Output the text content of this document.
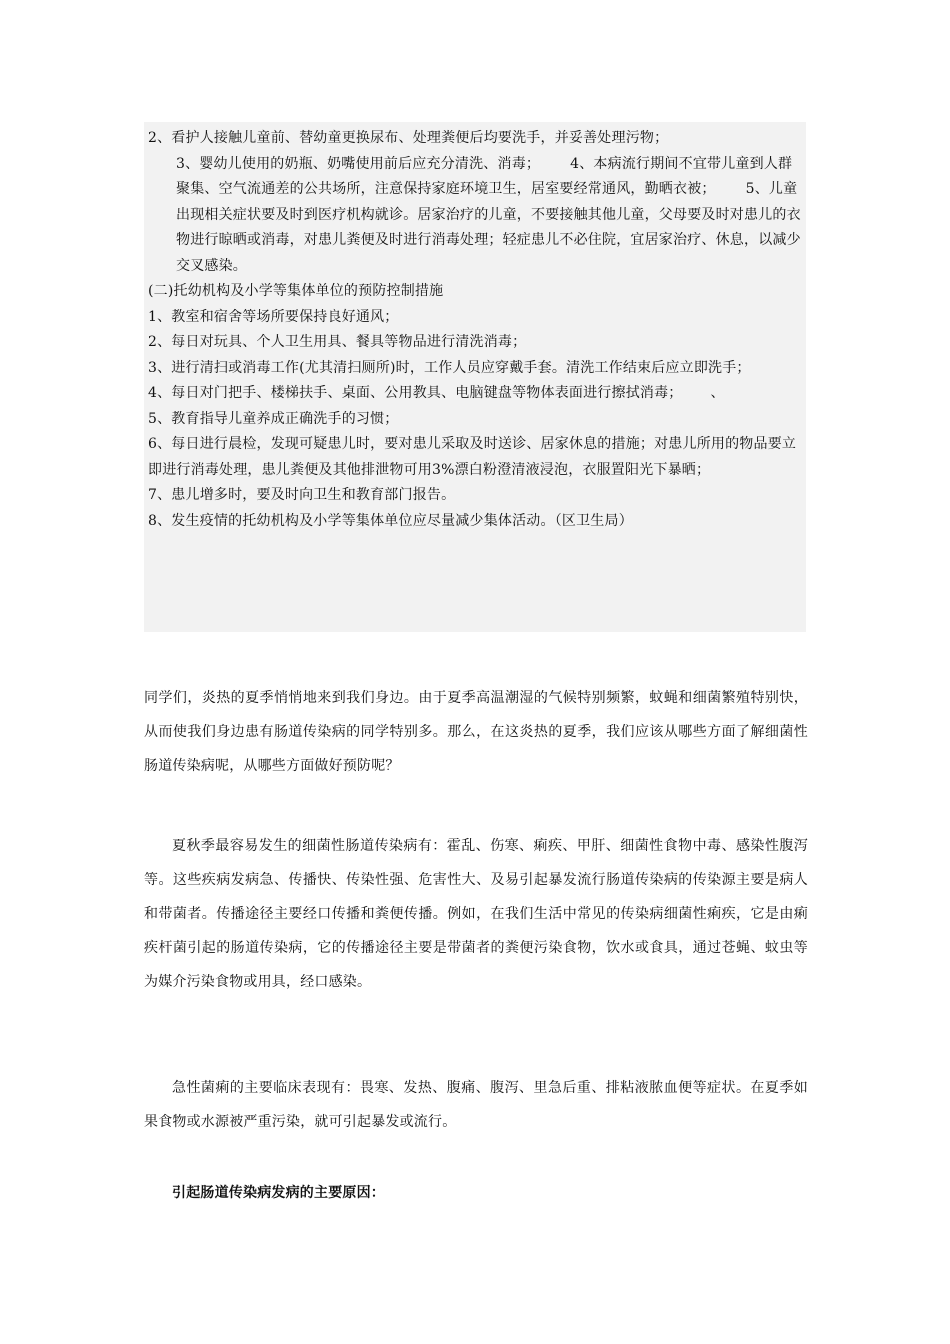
2、看护人接触儿童前、替幼童更换尿布、处理粪便后均要洗手，并妥善处理污物；

3、婴幼儿使用的奶瓶、奶嘴使用前后应充分清洗、消毒； 4、本病流行期间不宜带儿童到人群聚集、空气流通差的公共场所，注意保持家庭环境卫生，居室要经常通风，勤晒衣被； 5、儿童出现相关症状要及时到医疗机构就诊。居家治疗的儿童，不要接触其他儿童，父母要及时对患儿的衣物进行晾晒或消毒，对患儿粪便及时进行消毒处理；轻症患儿不必住院，宜居家治疗、休息，以减少交叉感染。

(二)托幼机构及小学等集体单位的预防控制措施

1、教室和宿舍等场所要保持良好通风；

2、每日对玩具、个人卫生用具、餐具等物品进行清洗消毒；

3、进行清扫或消毒工作(尤其清扫厕所)时，工作人员应穿戴手套。清洗工作结束后应立即洗手；

4、每日对门把手、楼梯扶手、桌面、公用教具、电脑键盘等物体表面进行擦拭消毒； 、

5、教育指导儿童养成正确洗手的习惯；

6、每日进行晨检，发现可疑患儿时，要对患儿采取及时送诊、居家休息的措施；对患儿所用的物品要立即进行消毒处理，患儿粪便及其他排泄物可用3%漂白粉澄清液浸泡，衣服置阳光下暴晒；

7、患儿增多时，要及时向卫生和教育部门报告。

8、发生疫情的托幼机构及小学等集体单位应尽量减少集体活动。（区卫生局）

同学们，炎热的夏季悄悄地来到我们身边。由于夏季高温潮湿的气候特别频繁，蚊蝇和细菌繁殖特别快，从而使我们身边患有肠道传染病的同学特别多。那么，在这炎热的夏季，我们应该从哪些方面了解细菌性肠道传染病呢，从哪些方面做好预防呢？

夏秋季最容易发生的细菌性肠道传染病有：霍乱、伤寒、痢疾、甲肝、细菌性食物中毒、感染性腹泻等。这些疾病发病急、传播快、传染性强、危害性大、及易引起暴发流行肠道传染病的传染源主要是病人和带菌者。传播途径主要经口传播和粪便传播。例如，在我们生活中常见的传染病细菌性痢疾，它是由痢疾杆菌引起的肠道传染病，它的传播途径主要是带菌者的粪便污染食物，饮水或食具，通过苍蝇、蚊虫等为媒介污染食物或用具，经口感染。

急性菌痢的主要临床表现有：畏寒、发热、腹痛、腹泻、里急后重、排粘液脓血便等症状。在夏季如果食物或水源被严重污染，就可引起暴发或流行。

引起肠道传染病发病的主要原因：
